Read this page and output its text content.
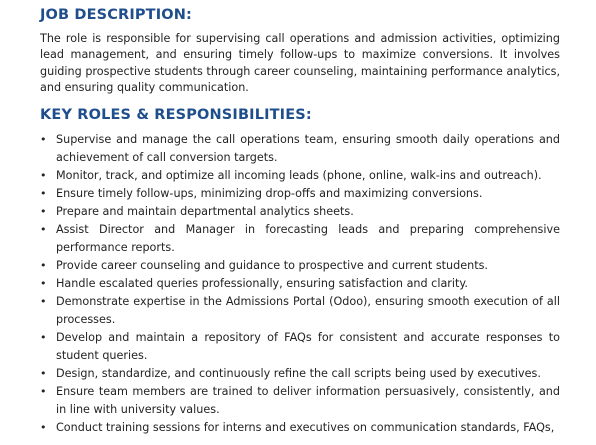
JOB DESCRIPTION:
The role is responsible for supervising call operations and admission activities, optimizing lead management, and ensuring timely follow-ups to maximize conversions. It involves guiding prospective students through career counseling, maintaining performance analytics, and ensuring quality communication.
KEY ROLES & RESPONSIBILITIES:
• Supervise and manage the call operations team, ensuring smooth daily operations and achievement of call conversion targets.
• Monitor, track, and optimize all incoming leads (phone, online, walk-ins and outreach).
• Ensure timely follow-ups, minimizing drop-offs and maximizing conversions.
• Prepare and maintain departmental analytics sheets.
• Assist Director and Manager in forecasting leads and preparing comprehensive performance reports.
• Provide career counseling and guidance to prospective and current students.
• Handle escalated queries professionally, ensuring satisfaction and clarity.
• Demonstrate expertise in the Admissions Portal (Odoo), ensuring smooth execution of all processes.
• Develop and maintain a repository of FAQs for consistent and accurate responses to student queries.
• Design, standardize, and continuously refine the call scripts being used by executives.
• Ensure team members are trained to deliver information persuasively, consistently, and in line with university values.
• Conduct training sessions for interns and executives on communication standards, FAQs,
